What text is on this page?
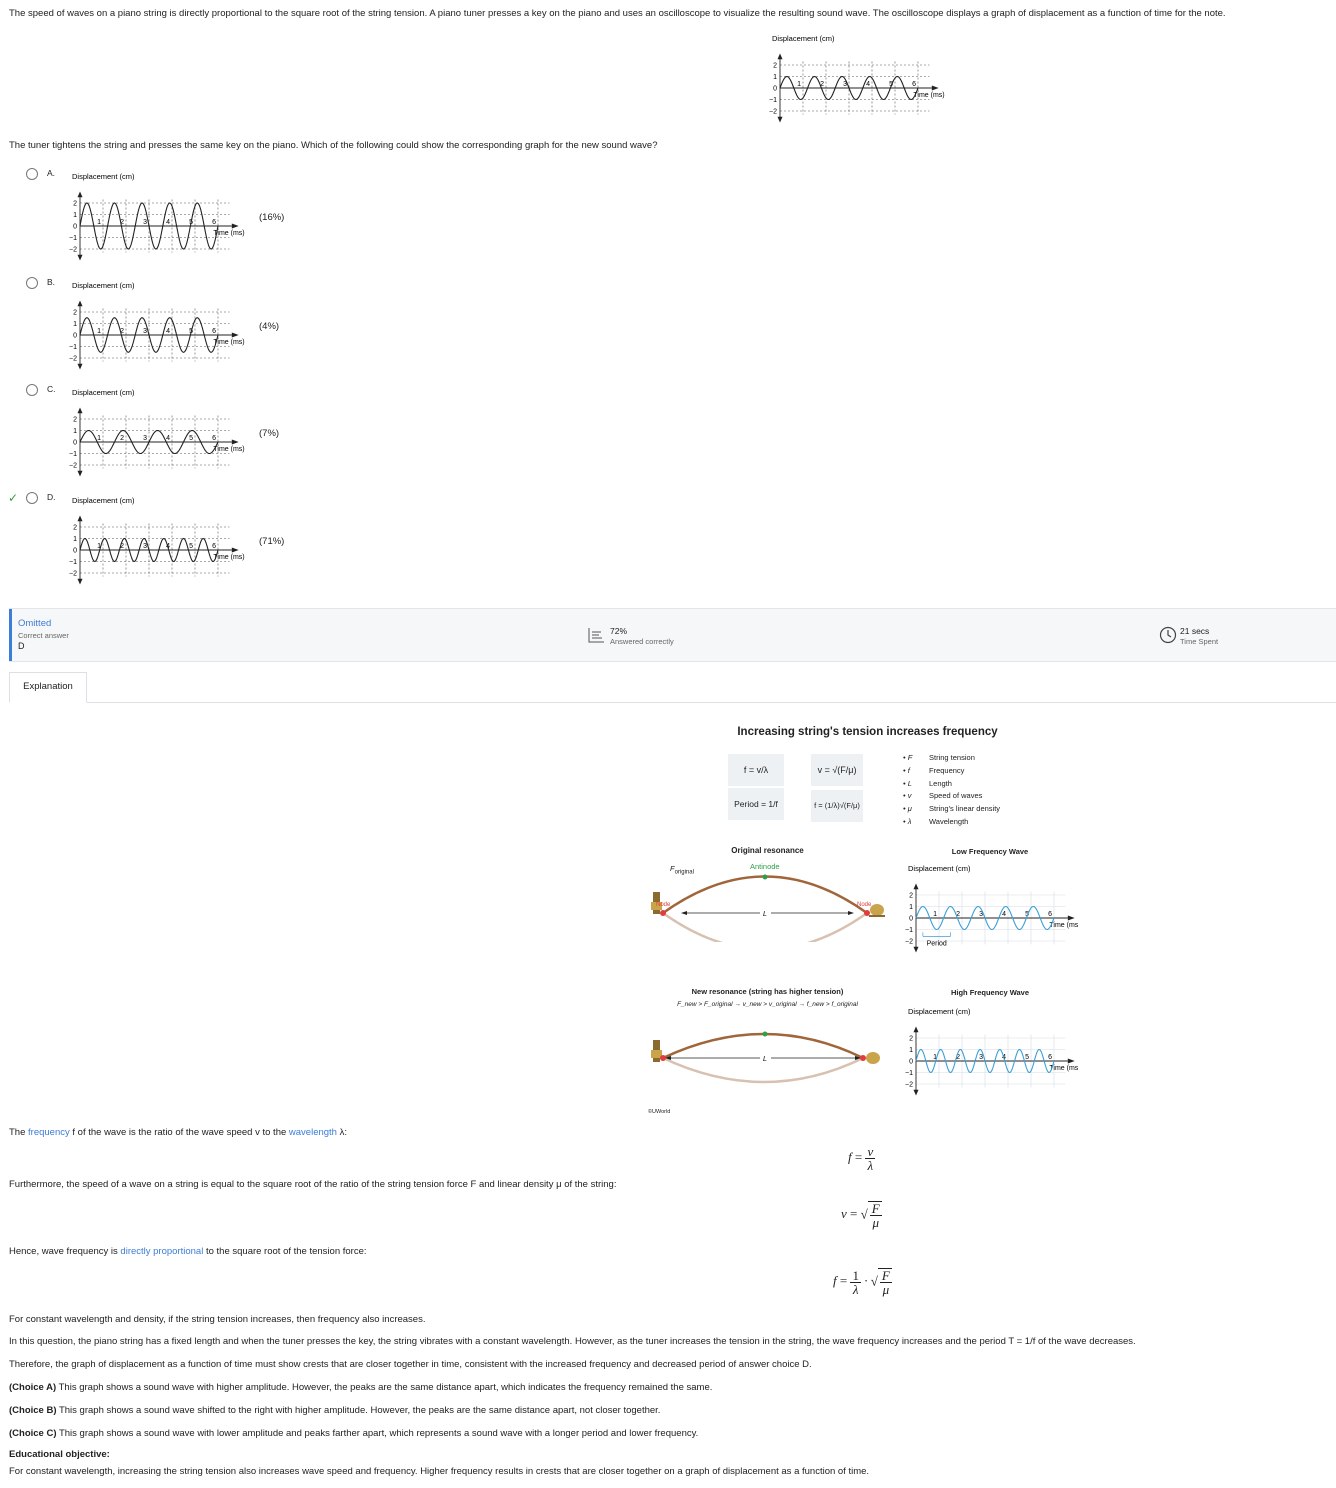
The speed of waves on a piano string is directly proportional to the square root of the string tension. A piano tuner presses a key on the piano and uses an oscilloscope to visualize the resulting sound wave. The oscilloscope displays a graph of displacement as a function of time for the note.
Displacement (cm)
2
1
0
−1
−2
1	2	3	4	5	6
Time (ms)
The tuner tightens the string and presses the same key on the piano. Which of the following could show the corresponding graph for the new sound wave?
A. Displacement (cm)
2
1
0
−1
−2
1	2	3	4	5	6
Time (ms)
(16%)
B. Displacement (cm)
2
1
0
−1
−2
1	2	3	4	5	6
Time (ms)
(4%)
C. Displacement (cm)
2
1
0
−1
−2
1	2	3	4	5	6
Time (ms)
(7%)
✓	D. Displacement (cm)
2
1
0
−1
−2
1	2	3	4	5	6
Time (ms)
(71%)
Omitted
Correct answer
D
72%
Answered correctly
21 secs
Time Spent
Explanation
Increasing string's tension increases frequency
f = v/λ	v = √(F/μ)
Period = 1/f	f = (1/λ)√(F/μ)
• F String tension
• f	Frequency
• L Length
• v Speed of waves
• μ String's linear density
• λ Wavelength
Original resonance
$F_{original}$
Antinode
L
Node	Node
New resonance (string has higher tension)
F_new > F_original → v_new > v_original → f_new > f_original
L
©UWorld
Low Frequency Wave
Displacement (cm)
2
1
0
−1
−2
1	2	3	4	5	6
Time (ms)
Period
High Frequency Wave
Displacement (cm)
2
1
0
−1
−2
1	2	3	4	5	6
Time (ms)
The frequency f of the wave is the ratio of the wave speed v to the wavelength λ:
$f = \frac{v}{\lambda}$
Furthermore, the speed of a wave on a string is equal to the square root of the ratio of the string tension force F and linear density μ of the string:
v = √ $\frac{F}{\mu}$
Hence, wave frequency is directly proportional to the square root of the tension force:
$f = \frac{1}{\lambda}$ · √ $\frac{F}{\mu}$
For constant wavelength and density, if the string tension increases, then frequency also increases.
In this question, the piano string has a fixed length and when the tuner presses the key, the string vibrates with a constant wavelength. However, as the tuner increases the tension in the string, the wave frequency increases and the period T = 1/f of the wave decreases.
Therefore, the graph of displacement as a function of time must show crests that are closer together in time, consistent with the increased frequency and decreased period of answer choice D.
(Choice A) This graph shows a sound wave with higher amplitude. However, the peaks are the same distance apart, which indicates the frequency remained the same.
(Choice B) This graph shows a sound wave shifted to the right with higher amplitude. However, the peaks are the same distance apart, not closer together.
(Choice C) This graph shows a sound wave with lower amplitude and peaks farther apart, which represents a sound wave with a longer period and lower frequency.
Educational objective:
For constant wavelength, increasing the string tension also increases wave speed and frequency. Higher frequency results in crests that are closer together on a graph of displacement as a function of time.
